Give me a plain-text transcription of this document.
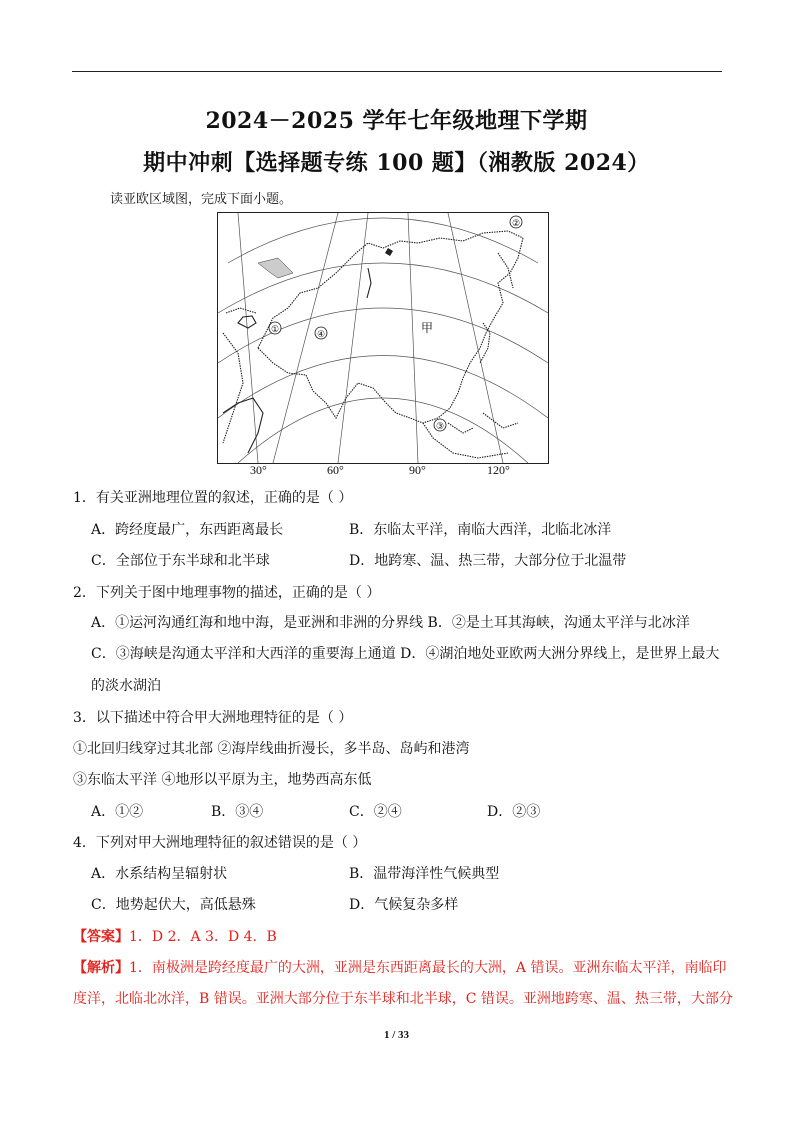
2024－2025 学年七年级地理下学期
期中冲刺【选择题专练 100 题】（湘教版 2024）
读亚欧区域图，完成下面小题。
①	④
②
③
甲
30°	60°	90°	120°
1．有关亚洲地理位置的叙述，正确的是（ ）
A．跨经度最广，东西距离最长	B．东临太平洋，南临大西洋，北临北冰洋
C．全部位于东半球和北半球	D．地跨寒、温、热三带，大部分位于北温带
2．下列关于图中地理事物的描述，正确的是（ ）
A．①运河沟通红海和地中海，是亚洲和非洲的分界线 B．②是土耳其海峡，沟通太平洋与北冰洋
C．③海峡是沟通太平洋和大西洋的重要海上通道 D．④湖泊地处亚欧两大洲分界线上，是世界上最大
的淡水湖泊
3．以下描述中符合甲大洲地理特征的是（ ）
①北回归线穿过其北部 ②海岸线曲折漫长，多半岛、岛屿和港湾
③东临太平洋 ④地形以平原为主，地势西高东低
A．①②	B．③④	C．②④	D．②③
4．下列对甲大洲地理特征的叙述错误的是（ ）
A．水系结构呈辐射状	B．温带海洋性气候典型
C．地势起伏大，高低悬殊	D．气候复杂多样
【答案】1．D 2．A 3．D 4．B
【解析】1．南极洲是跨经度最广的大洲，亚洲是东西距离最长的大洲，A 错误。亚洲东临太平洋，南临印
度洋，北临北冰洋，B 错误。亚洲大部分位于东半球和北半球，C 错误。亚洲地跨寒、温、热三带，大部分
1 / 33
